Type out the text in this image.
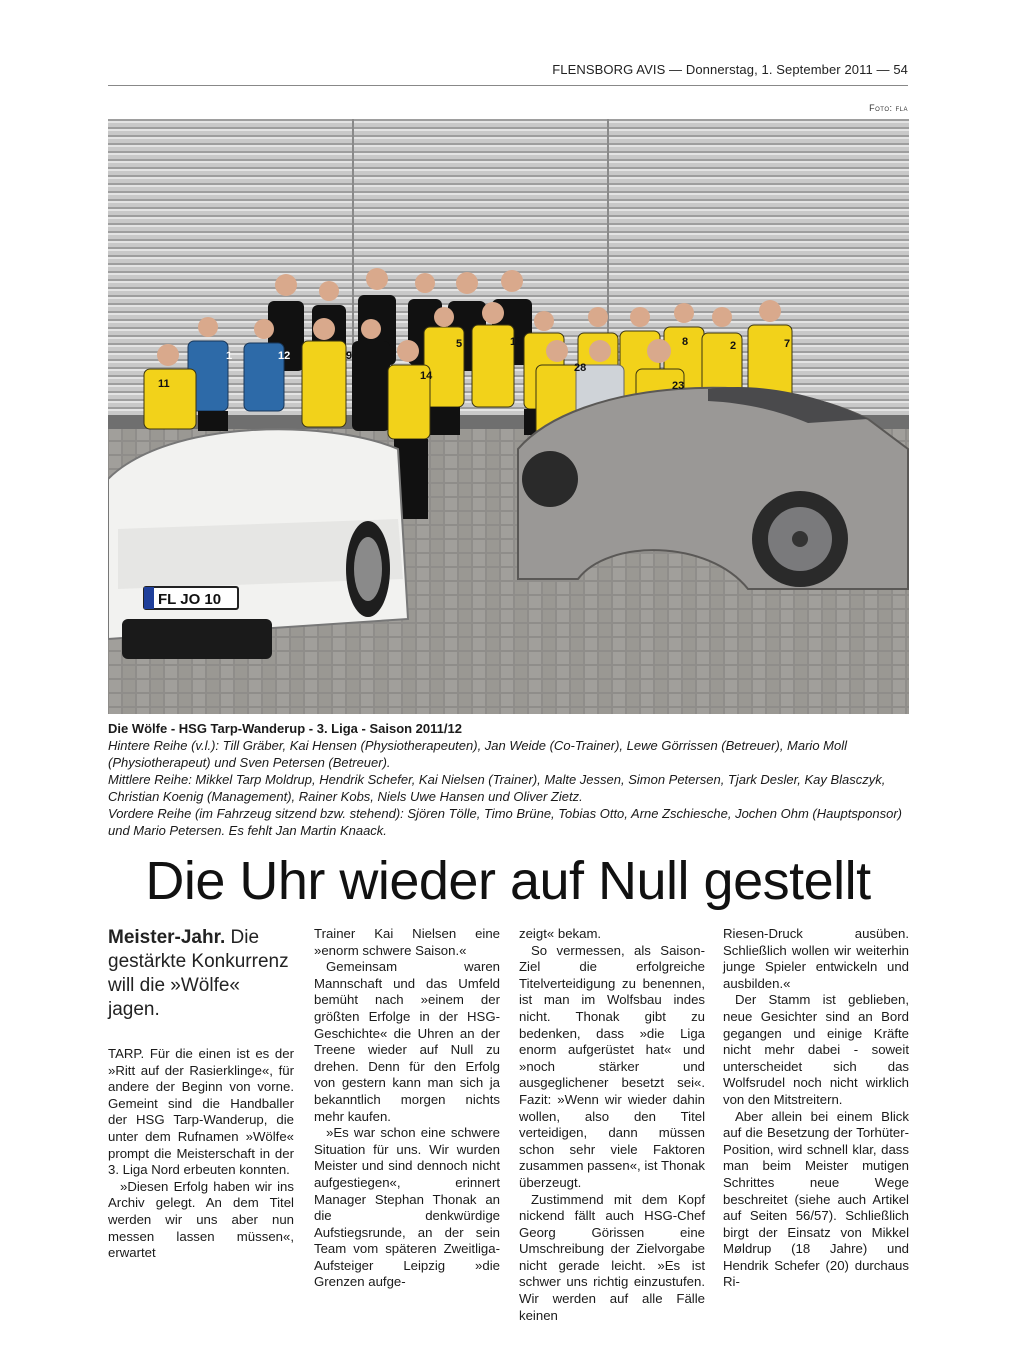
FLENSBORG AVIS — Donnerstag, 1. September 2011 — 54
Foto: fla
FL JO 10
11
1	12	9
14
5	18
28
23
8	2	7
Die Wölfe - HSG Tarp-Wanderup - 3. Liga - Saison 2011/12
Hintere Reihe (v.l.): Till Gräber, Kai Hensen (Physiotherapeuten), Jan Weide (Co-Trainer), Lewe Görrissen (Betreuer), Mario Moll (Physiotherapeut) und Sven Petersen (Betreuer).
Mittlere Reihe: Mikkel Tarp Moldrup, Hendrik Schefer, Kai Nielsen (Trainer), Malte Jessen, Simon Petersen, Tjark Desler, Kay Blasczyk, Christian Koenig (Management), Rainer Kobs, Niels Uwe Hansen und Oliver Zietz.
Vordere Reihe (im Fahrzeug sitzend bzw. stehend): Sjören Tölle, Timo Brüne, Tobias Otto, Arne Zschiesche, Jochen Ohm (Hauptsponsor) und Mario Petersen. Es fehlt Jan Martin Knaack.
Die Uhr wieder auf Null gestellt
Meister-Jahr. Die gestärkte Konkurrenz will die »Wölfe« jagen.

TARP. Für die einen ist es der »Ritt auf der Rasierklinge«, für andere der Beginn von vorne. Gemeint sind die Handballer der HSG Tarp-Wanderup, die unter dem Rufnamen »Wölfe« prompt die Meisterschaft in der 3. Liga Nord erbeuten konnten.

»Diesen Erfolg haben wir ins Archiv gelegt. An dem Titel werden wir uns aber nun messen lassen müssen«, erwartet

Trainer Kai Nielsen eine »enorm schwere Saison.«

Gemeinsam waren Mannschaft und das Umfeld bemüht nach »einem der größten Erfolge in der HSG-Geschichte« die Uhren an der Treene wieder auf Null zu drehen. Denn für den Erfolg von gestern kann man sich ja bekanntlich morgen nichts mehr kaufen.

»Es war schon eine schwere Situation für uns. Wir wurden Meister und sind dennoch nicht aufgestiegen«, erinnert Manager Stephan Thonak an die denkwürdige Aufstiegsrunde, an der sein Team vom späteren Zweitliga-Aufsteiger Leipzig »die Grenzen aufge-

zeigt« bekam.

So vermessen, als Saison-Ziel die erfolgreiche Titelverteidigung zu benennen, ist man im Wolfsbau indes nicht. Thonak gibt zu bedenken, dass »die Liga enorm aufgerüstet hat« und »noch stärker und ausgeglichener besetzt sei«. Fazit: »Wenn wir wieder dahin wollen, also den Titel verteidigen, dann müssen schon sehr viele Faktoren zusammen passen«, ist Thonak überzeugt.

Zustimmend mit dem Kopf nickend fällt auch HSG-Chef Georg Görissen eine Umschreibung der Zielvorgabe nicht gerade leicht. »Es ist schwer uns richtig einzustufen. Wir werden auf alle Fälle keinen

Riesen-Druck ausüben. Schließlich wollen wir weiterhin junge Spieler entwickeln und ausbilden.«

Der Stamm ist geblieben, neue Gesichter sind an Bord gegangen und einige Kräfte nicht mehr dabei - soweit unterscheidet sich das Wolfsrudel noch nicht wirklich von den Mitstreitern.

Aber allein bei einem Blick auf die Besetzung der Torhüter-Position, wird schnell klar, dass man beim Meister mutigen Schrittes neue Wege beschreitet (siehe auch Artikel auf Seiten 56/57). Schließlich birgt der Einsatz von Mikkel Møldrup (18 Jahre) und Hendrik Schefer (20) durchaus Ri-
